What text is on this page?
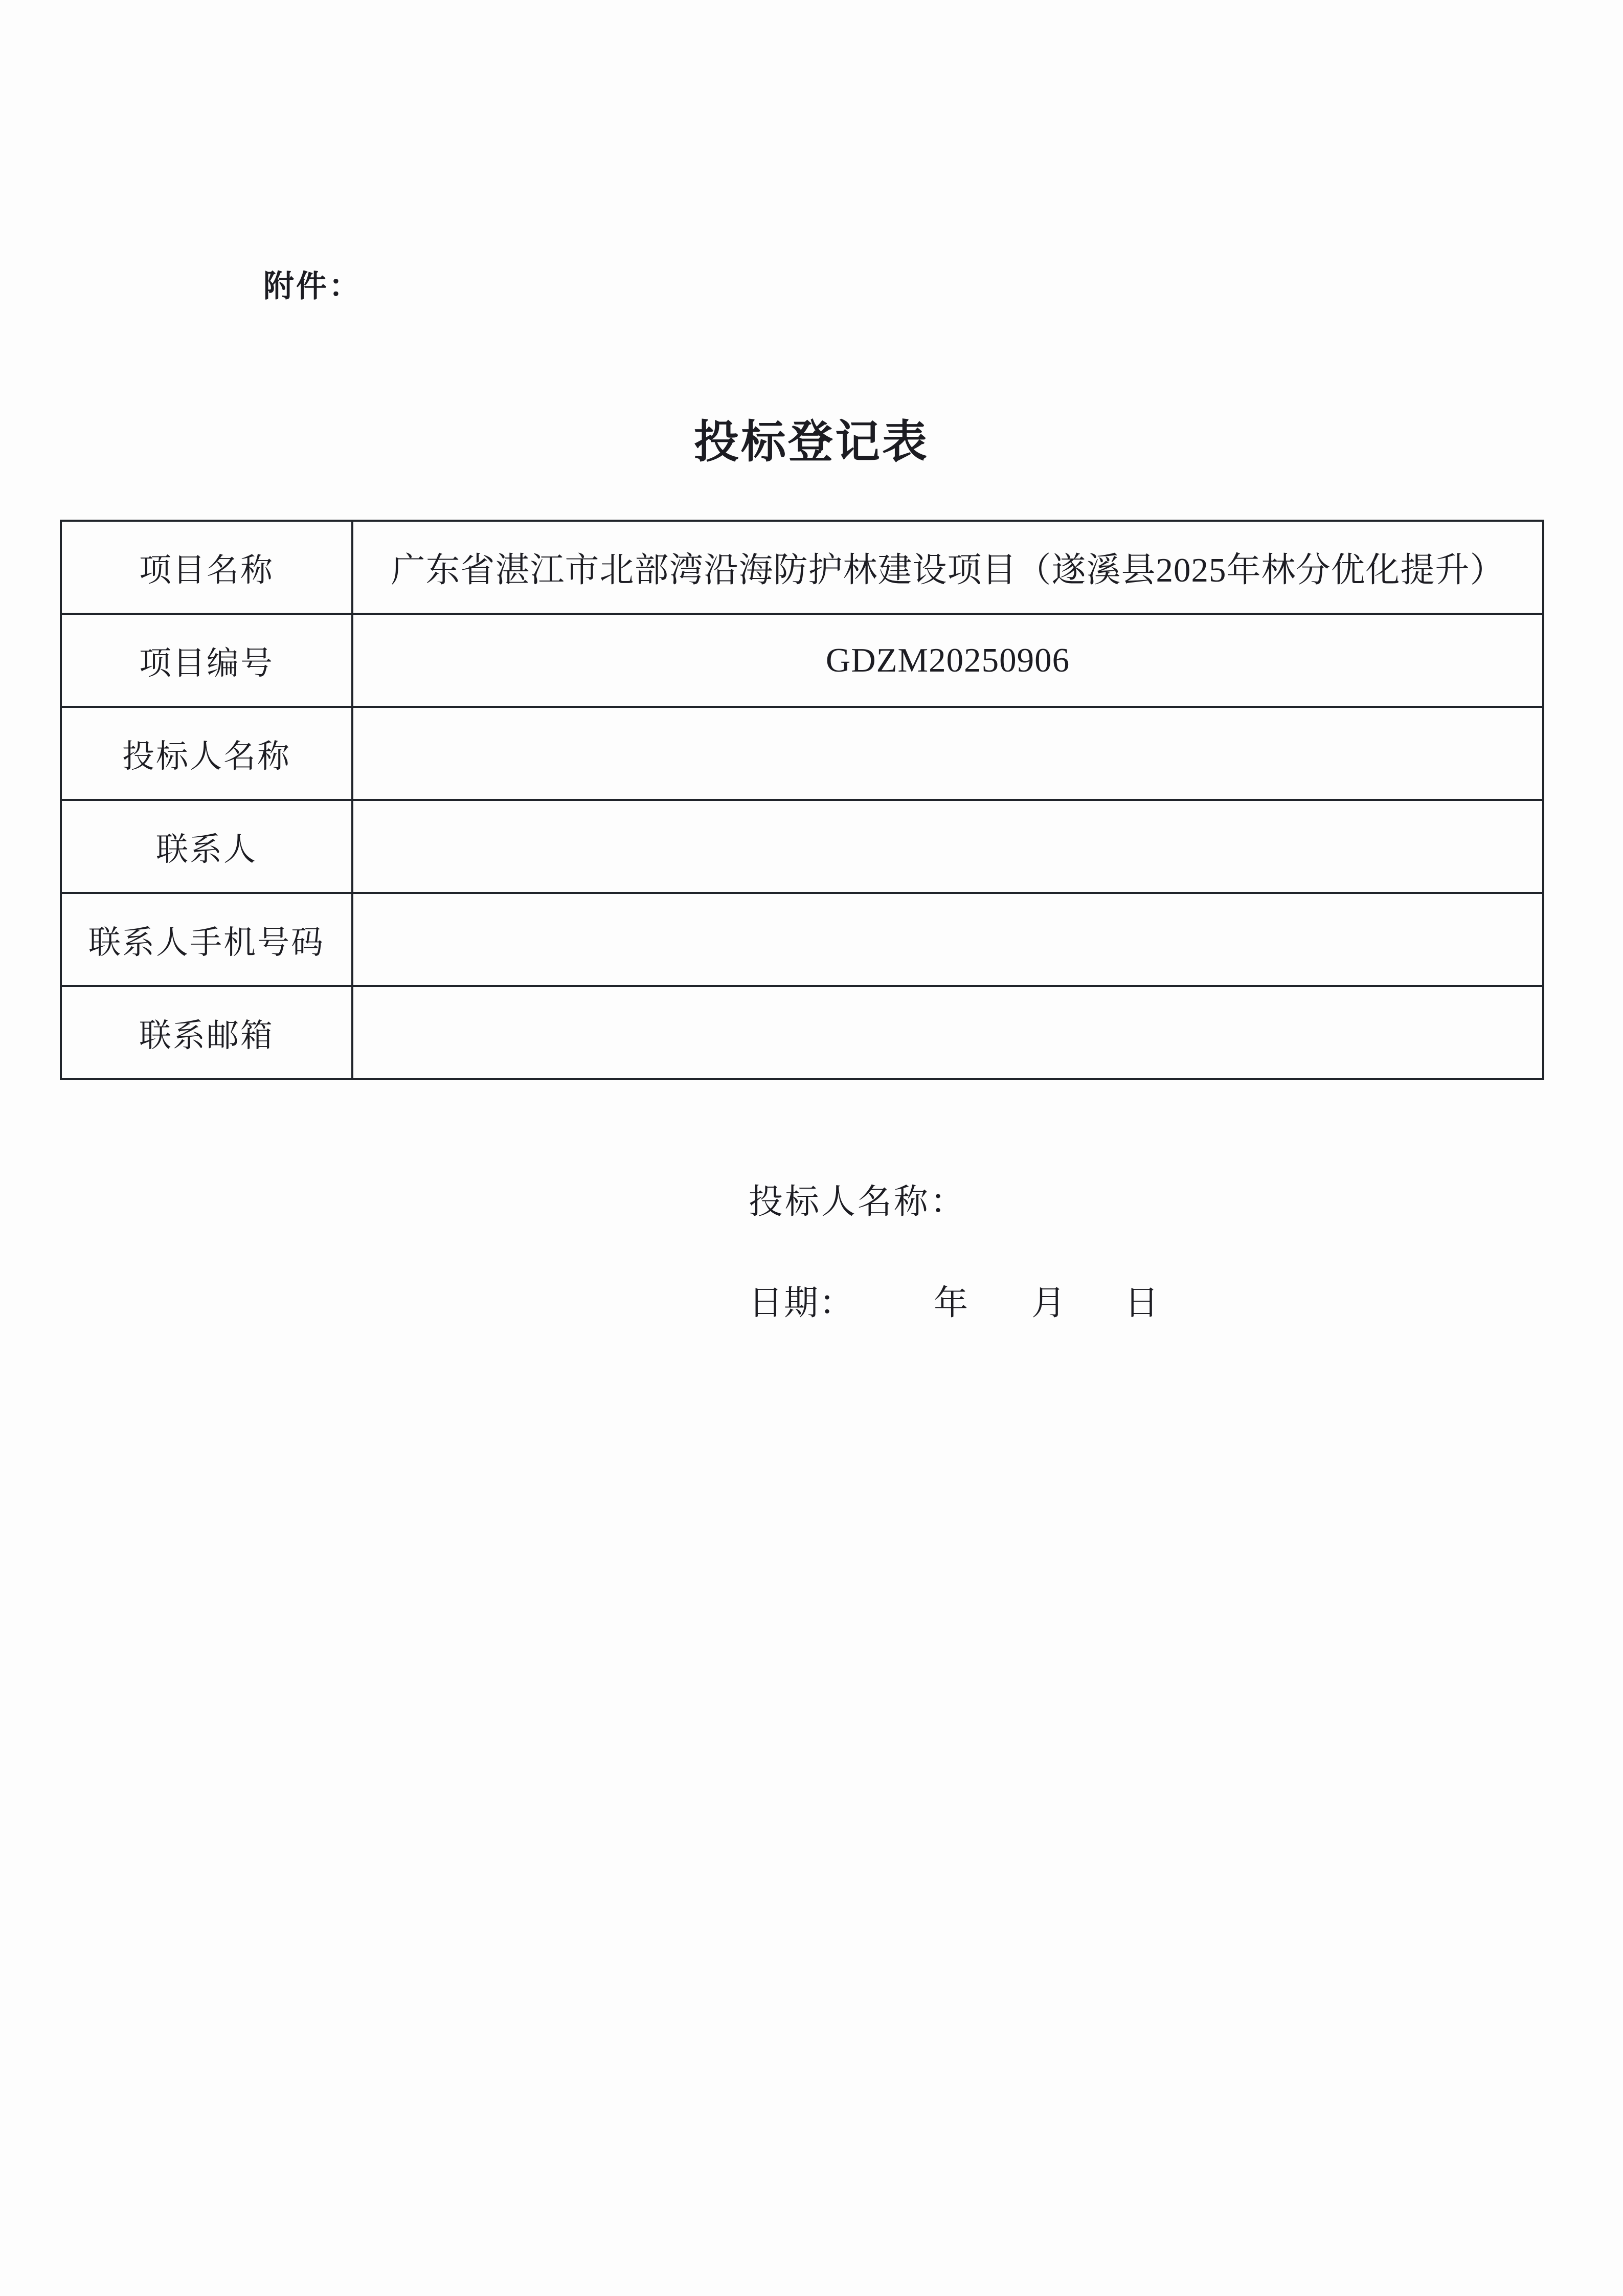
附件：
投标登记表
项目名称	广东省湛江市北部湾沿海防护林建设项目（遂溪县2025年林分优化提升）
项目编号	GDZM20250906
投标人名称	
联系人	
联系人手机号码	
联系邮箱	
投标人名称：
日期： 年 月 日
